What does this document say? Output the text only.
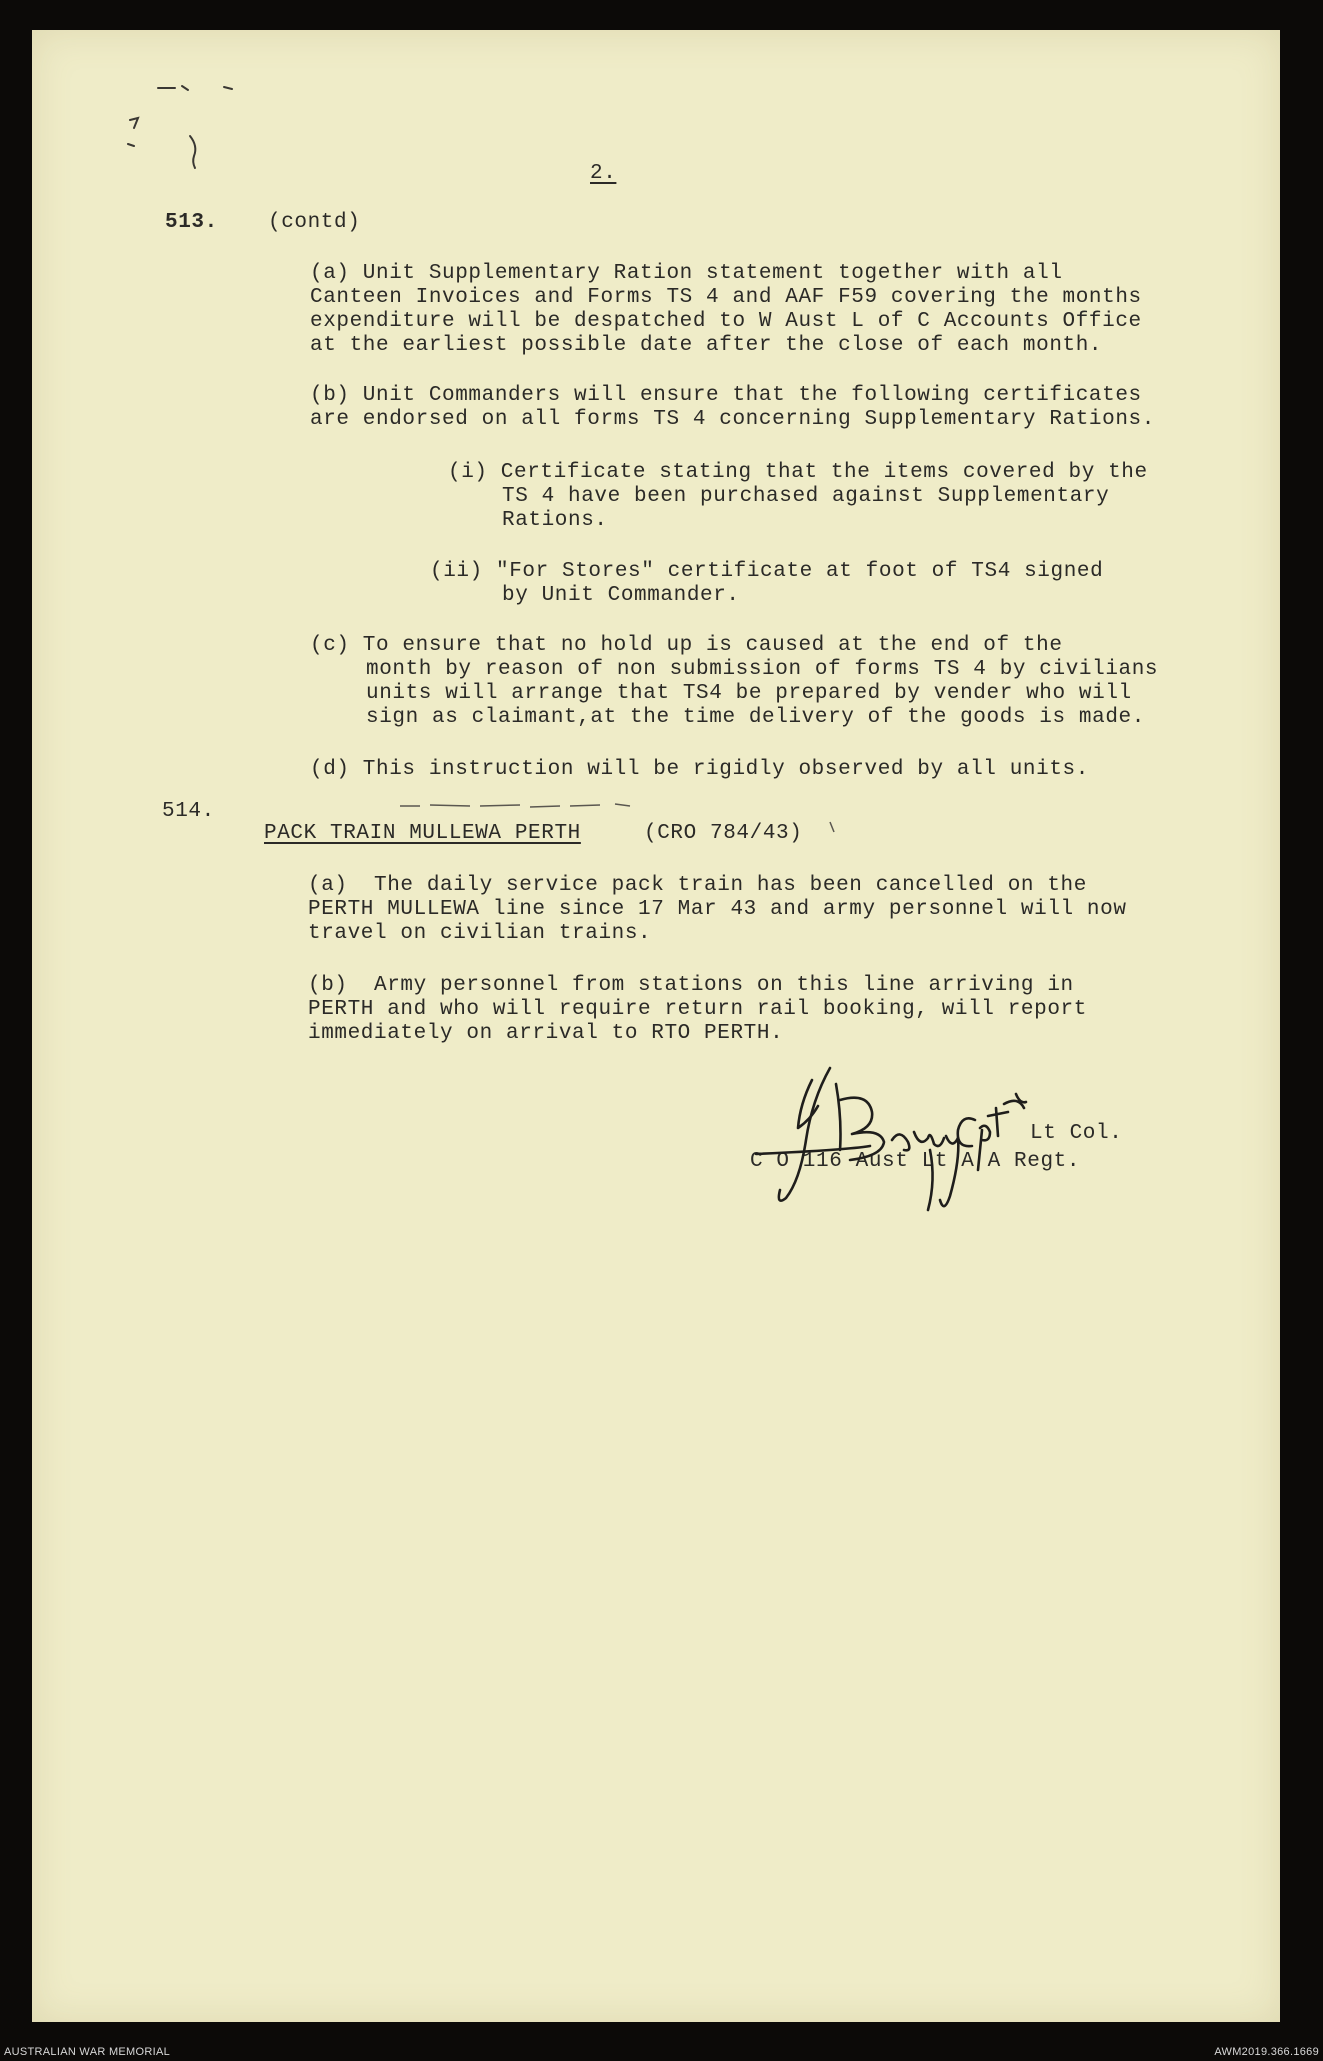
2.
513. (contd)
(a) Unit Supplementary Ration statement together with all
Canteen Invoices and Forms TS 4 and AAF F59 covering the months
expenditure will be despatched to W Aust L of C Accounts Office
at the earliest possible date after the close of each month.
(b) Unit Commanders will ensure that the following certificates
are endorsed on all forms TS 4 concerning Supplementary Rations.
(i) Certificate stating that the items covered by the
TS 4 have been purchased against Supplementary
Rations.
(ii) "For Stores" certificate at foot of TS4 signed
by Unit Commander.
(c) To ensure that no hold up is caused at the end of the
month by reason of non submission of forms TS 4 by civilians
units will arrange that TS4 be prepared by vender who will
sign as claimant,at the time delivery of the goods is made.
(d) This instruction will be rigidly observed by all units.
514.
PACK TRAIN MULLEWA PERTH	(CRO 784/43)
(a)  The daily service pack train has been cancelled on the
PERTH MULLEWA line since 17 Mar 43 and army personnel will now
travel on civilian trains.
(b)  Army personnel from stations on this line arriving in
PERTH and who will require return rail booking, will report
immediately on arrival to RTO PERTH.
Lt Col.
C O 116 Aust Lt A A Regt.
AUSTRALIAN WAR MEMORIAL	AWM2019.366.1669
